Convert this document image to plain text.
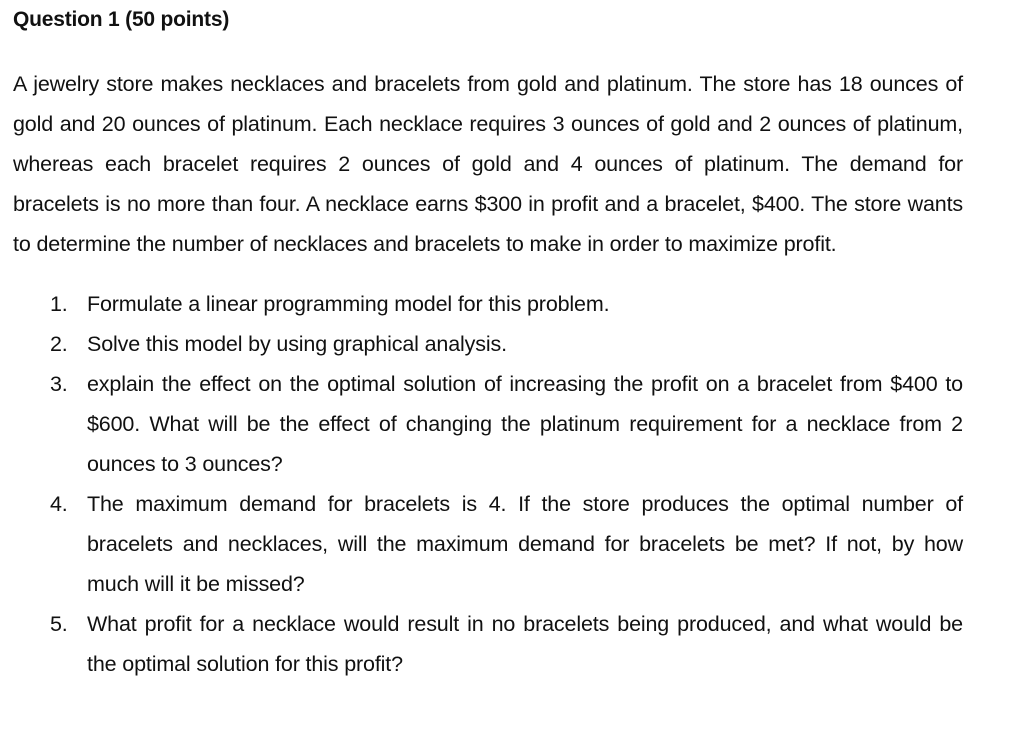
Question 1 (50 points)

A jewelry store makes necklaces and bracelets from gold and platinum. The store has 18 ounces of gold and 20 ounces of platinum. Each necklace requires 3 ounces of gold and 2 ounces of platinum, whereas each bracelet requires 2 ounces of gold and 4 ounces of platinum. The demand for bracelets is no more than four. A necklace earns $300 in profit and a bracelet, $400. The store wants to determine the number of necklaces and bracelets to make in order to maximize profit.

1. Formulate a linear programming model for this problem.
2. Solve this model by using graphical analysis.
3. explain the effect on the optimal solution of increasing the profit on a bracelet from $400 to $600. What will be the effect of changing the platinum requirement for a necklace from 2 ounces to 3 ounces?
4. The maximum demand for bracelets is 4. If the store produces the optimal number of bracelets and necklaces, will the maximum demand for bracelets be met? If not, by how much will it be missed?
5. What profit for a necklace would result in no bracelets being produced, and what would be the optimal solution for this profit?
